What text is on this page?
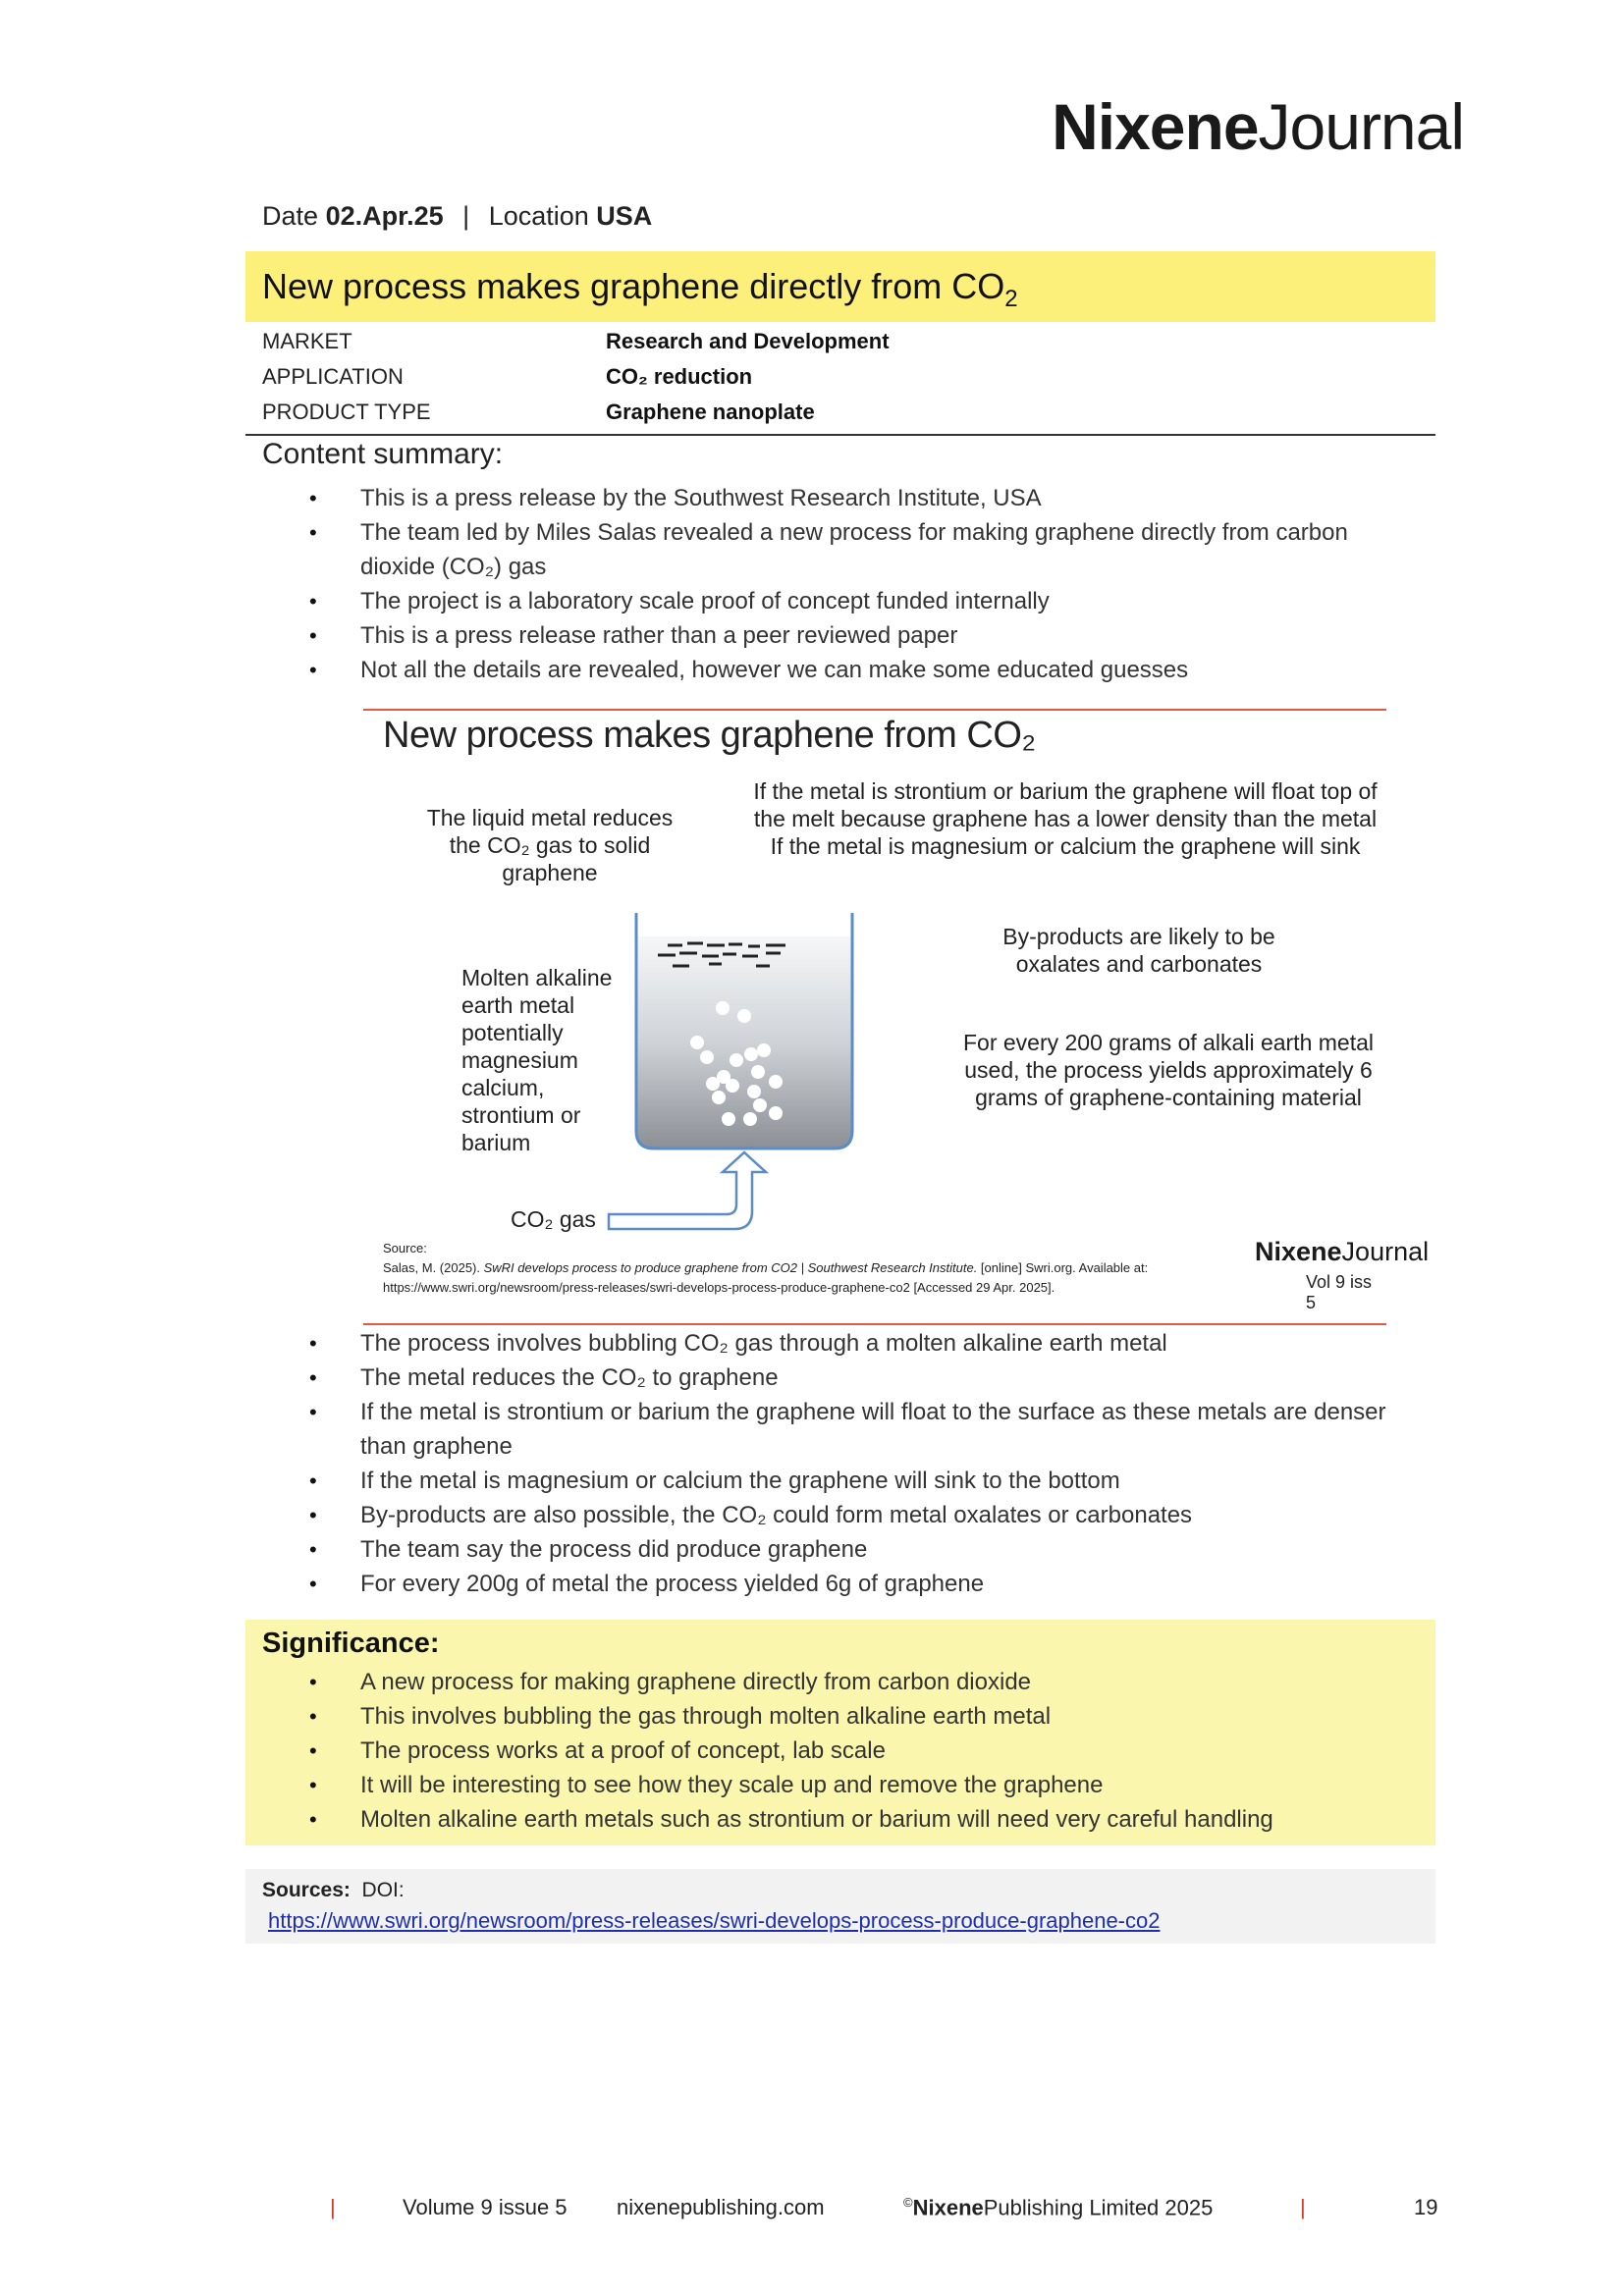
NixeneJournal
Date 02.Apr.25 | Location USA
New process makes graphene directly from $CO_2$
MARKET	Research and Development
APPLICATION	CO₂ reduction
PRODUCT TYPE	Graphene nanoplate
Content summary:
• This is a press release by the Southwest Research Institute, USA
• The team led by Miles Salas revealed a new process for making graphene directly from carbon dioxide (CO₂) gas
• The project is a laboratory scale proof of concept funded internally
• This is a press release rather than a peer reviewed paper
• Not all the details are revealed, however we can make some educated guesses
New process makes graphene from CO₂
The liquid metal reduces the CO₂ gas to solid graphene
If the metal is strontium or barium the graphene will float top of the melt because graphene has a lower density than the metal If the metal is magnesium or calcium the graphene will sink
By-products are likely to be oxalates and carbonates
For every 200 grams of alkali earth metal used, the process yields approximately 6 grams of graphene-containing material
Molten alkaline earth metal potentially magnesium calcium, strontium or barium
CO₂ gas
Source:
Salas, M. (2025). SwRI develops process to produce graphene from CO2 | Southwest Research Institute. [online] Swri.org. Available at:
https://www.swri.org/newsroom/press-releases/swri-develops-process-produce-graphene-co2 [Accessed 29 Apr. 2025].
NixeneJournal
Vol 9 iss 5
• The process involves bubbling CO₂ gas through a molten alkaline earth metal
• The metal reduces the CO₂ to graphene
• If the metal is strontium or barium the graphene will float to the surface as these metals are denser than graphene
• If the metal is magnesium or calcium the graphene will sink to the bottom
• By-products are also possible, the CO₂ could form metal oxalates or carbonates
• The team say the process did produce graphene
• For every 200g of metal the process yielded 6g of graphene
Significance:
• A new process for making graphene directly from carbon dioxide
• This involves bubbling the gas through molten alkaline earth metal
• The process works at a proof of concept, lab scale
• It will be interesting to see how they scale up and remove the graphene
• Molten alkaline earth metals such as strontium or barium will need very careful handling
Sources: DOI:
https://www.swri.org/newsroom/press-releases/swri-develops-process-produce-graphene-co2
|	Volume 9 issue 5 nixenepublishing.com	©NixenePublishing Limited 2025	|	19
